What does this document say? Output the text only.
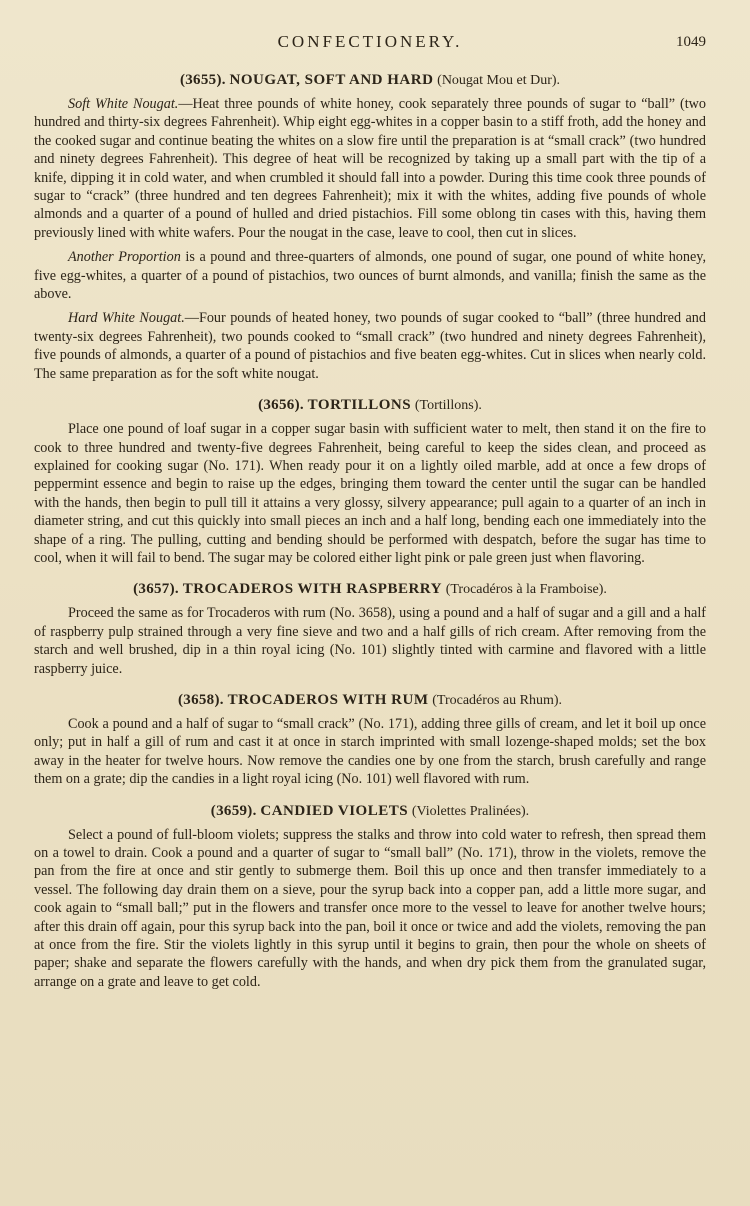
CONFECTIONERY.	1049
(3655). NOUGAT, SOFT AND HARD (Nougat Mou et Dur).

Soft White Nougat.—Heat three pounds of white honey, cook separately three pounds of sugar to “ball” (two hundred and thirty-six degrees Fahrenheit). Whip eight egg-whites in a copper basin to a stiff froth, add the honey and the cooked sugar and continue beating the whites on a slow fire until the preparation is at “small crack” (two hundred and ninety degrees Fahrenheit). This degree of heat will be recognized by taking up a small part with the tip of a knife, dipping it in cold water, and when crumbled it should fall into a powder. During this time cook three pounds of sugar to “crack” (three hundred and ten degrees Fahrenheit); mix it with the whites, adding five pounds of whole almonds and a quarter of a pound of hulled and dried pistachios. Fill some oblong tin cases with this, having them previously lined with white wafers. Pour the nougat in the case, leave to cool, then cut in slices.

Another Proportion is a pound and three-quarters of almonds, one pound of sugar, one pound of white honey, five egg-whites, a quarter of a pound of pistachios, two ounces of burnt almonds, and vanilla; finish the same as the above.

Hard White Nougat.—Four pounds of heated honey, two pounds of sugar cooked to “ball” (three hundred and twenty-six degrees Fahrenheit), two pounds cooked to “small crack” (two hundred and ninety degrees Fahrenheit), five pounds of almonds, a quarter of a pound of pistachios and five beaten egg-whites. Cut in slices when nearly cold. The same preparation as for the soft white nougat.

(3656). TORTILLONS (Tortillons).

Place one pound of loaf sugar in a copper sugar basin with sufficient water to melt, then stand it on the fire to cook to three hundred and twenty-five degrees Fahrenheit, being careful to keep the sides clean, and proceed as explained for cooking sugar (No. 171). When ready pour it on a lightly oiled marble, add at once a few drops of peppermint essence and begin to raise up the edges, bringing them toward the center until the sugar can be handled with the hands, then begin to pull till it attains a very glossy, silvery appearance; pull again to a quarter of an inch in diameter string, and cut this quickly into small pieces an inch and a half long, bending each one immediately into the shape of a ring. The pulling, cutting and bending should be performed with despatch, before the sugar has time to cool, when it will fail to bend. The sugar may be colored either light pink or pale green just when flavoring.

(3657). TROCADEROS WITH RASPBERRY (Trocadéros à la Framboise).

Proceed the same as for Trocaderos with rum (No. 3658), using a pound and a half of sugar and a gill and a half of raspberry pulp strained through a very fine sieve and two and a half gills of rich cream. After removing from the starch and well brushed, dip in a thin royal icing (No. 101) slightly tinted with carmine and flavored with a little raspberry juice.

(3658). TROCADEROS WITH RUM (Trocadéros au Rhum).

Cook a pound and a half of sugar to “small crack” (No. 171), adding three gills of cream, and let it boil up once only; put in half a gill of rum and cast it at once in starch imprinted with small lozenge-shaped molds; set the box away in the heater for twelve hours. Now remove the candies one by one from the starch, brush carefully and range them on a grate; dip the candies in a light royal icing (No. 101) well flavored with rum.

(3659). CANDIED VIOLETS (Violettes Pralinées).

Select a pound of full-bloom violets; suppress the stalks and throw into cold water to refresh, then spread them on a towel to drain. Cook a pound and a quarter of sugar to “small ball” (No. 171), throw in the violets, remove the pan from the fire at once and stir gently to submerge them. Boil this up once and then transfer immediately to a vessel. The following day drain them on a sieve, pour the syrup back into a copper pan, add a little more sugar, and cook again to “small ball;” put in the flowers and transfer once more to the vessel to leave for another twelve hours; after this drain off again, pour this syrup back into the pan, boil it once or twice and add the violets, removing the pan at once from the fire. Stir the violets lightly in this syrup until it begins to grain, then pour the whole on sheets of paper; shake and separate the flowers carefully with the hands, and when dry pick them from the granulated sugar, arrange on a grate and leave to get cold.
